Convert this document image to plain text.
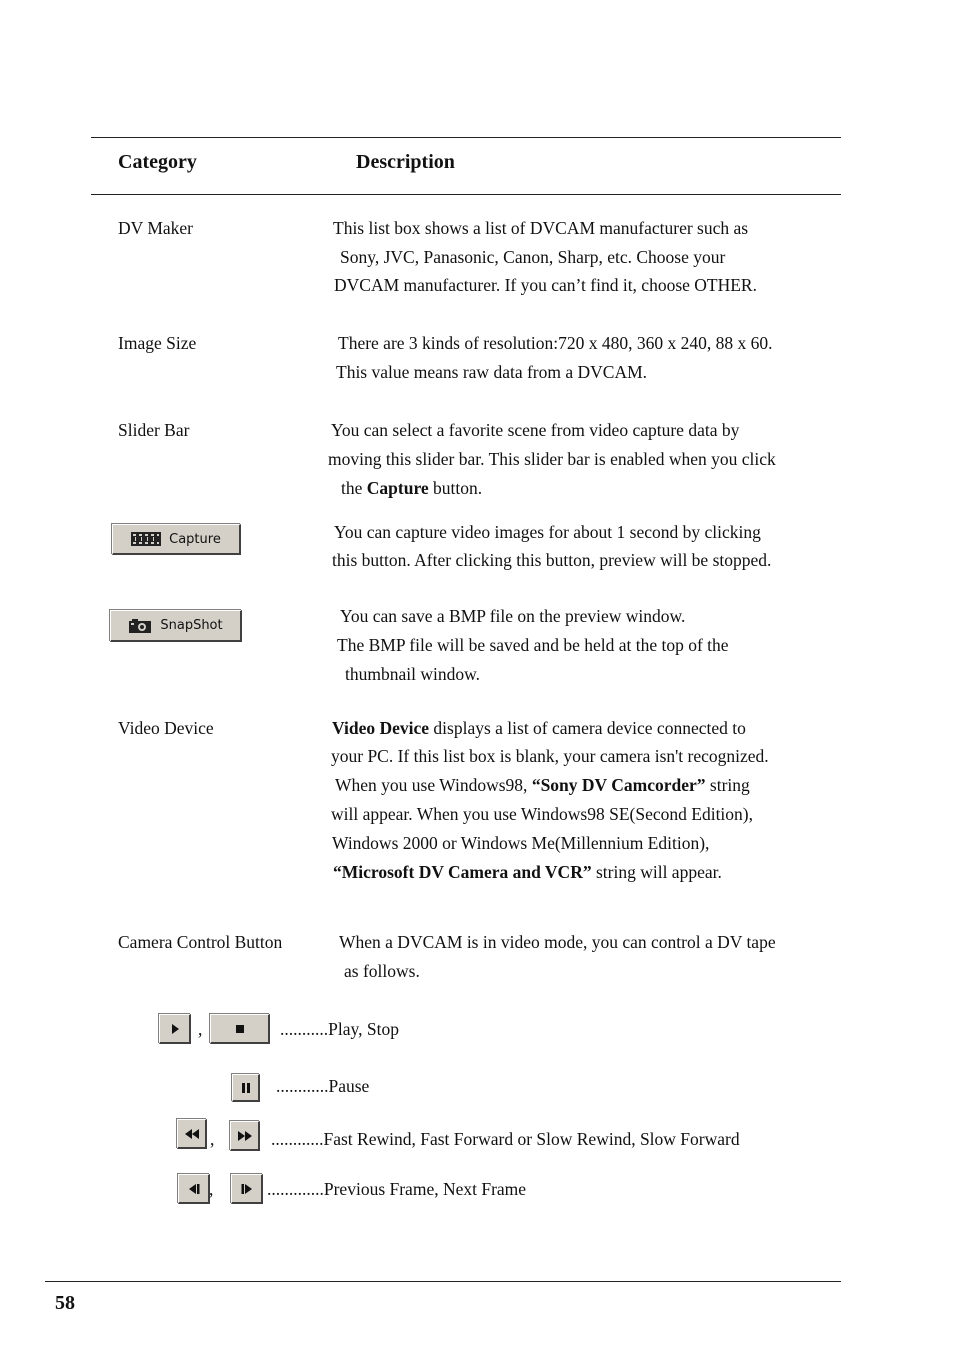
Category	Description
DV Maker	This list box shows a list of DVCAM manufacturer such as
Sony, JVC, Panasonic, Canon, Sharp, etc. Choose your
DVCAM manufacturer. If you can’t find it, choose OTHER.
Image Size	There are 3 kinds of resolution:720 x 480, 360 x 240, 88 x 60.
This value means raw data from a DVCAM.
Slider Bar	You can select a favorite scene from video capture data by
moving this slider bar. This slider bar is enabled when you click
the Capture button.
Capture	You can capture video images for about 1 second by clicking
this button. After clicking this button, preview will be stopped.
SnapShot	You can save a BMP file on the preview window.
The BMP file will be saved and be held at the top of the
thumbnail window.
Video Device	Video Device displays a list of camera device connected to
your PC. If this list box is blank, your camera isn't recognized.
When you use Windows98, “Sony DV Camcorder” string
will appear. When you use Windows98 SE(Second Edition),
Windows 2000 or Windows Me(Millennium Edition),
“Microsoft DV Camera and VCR” string will appear.
Camera Control Button	When a DVCAM is in video mode, you can control a DV tape
as follows.
,	...........Play, Stop
............Pause
,	............Fast Rewind, Fast Forward or Slow Rewind, Slow Forward
,	.............Previous Frame, Next Frame
58
